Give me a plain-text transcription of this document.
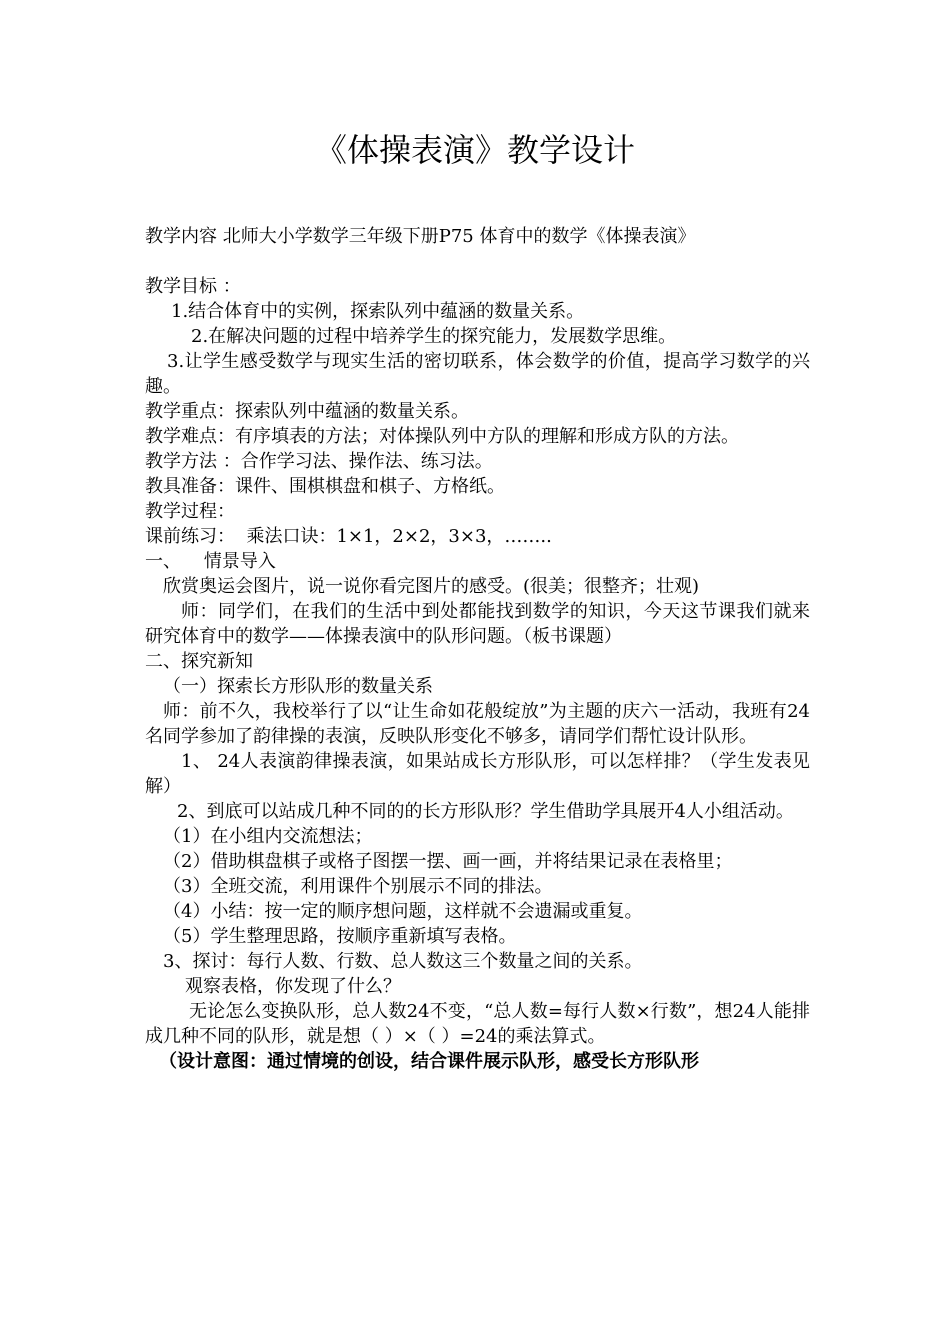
《体操表演》教学设计

教学内容 北师大小学数学三年级下册P75 体育中的数学《体操表演》

教学目标 ：

1.结合体育中的实例，探索队列中蕴涵的数量关系。

2.在解决问题的过程中培养学生的探究能力，发展数学思维。

3.让学生感受数学与现实生活的密切联系，体会数学的价值，提高学习数学的兴趣。

教学重点：探索队列中蕴涵的数量关系。

教学难点：有序填表的方法；对体操队列中方队的理解和形成方队的方法。

教学方法 ：合作学习法、操作法、练习法。

教具准备：课件、围棋棋盘和棋子、方格纸。

教学过程：

课前练习：  乘法口诀：1×1，2×2，3×3，……..

一、    情景导入

欣赏奥运会图片，说一说你看完图片的感受。(很美；很整齐；壮观)

师：同学们，在我们的生活中到处都能找到数学的知识，今天这节课我们就来研究体育中的数学——体操表演中的队形问题。（板书课题）

二、探究新知

（一）探索长方形队形的数量关系

师：前不久，我校举行了以“让生命如花般绽放”为主题的庆六一活动，我班有24名同学参加了韵律操的表演，反映队形变化不够多，请同学们帮忙设计队形。

1、 24人表演韵律操表演，如果站成长方形队形，可以怎样排？（学生发表见解）

2、到底可以站成几种不同的的长方形队形？学生借助学具展开4人小组活动。

（1）在小组内交流想法；

（2）借助棋盘棋子或格子图摆一摆、画一画，并将结果记录在表格里；

（3）全班交流，利用课件个别展示不同的排法。

（4）小结：按一定的顺序想问题，这样就不会遗漏或重复。

（5）学生整理思路，按顺序重新填写表格。

3、探讨：每行人数、行数、总人数这三个数量之间的关系。

观察表格，你发现了什么？

无论怎么变换队形，总人数24不变，“总人数=每行人数×行数”，想24人能排成几种不同的队形，就是想（ ）×（ ）=24的乘法算式。

（设计意图：通过情境的创设，结合课件展示队形，感受长方形队形
